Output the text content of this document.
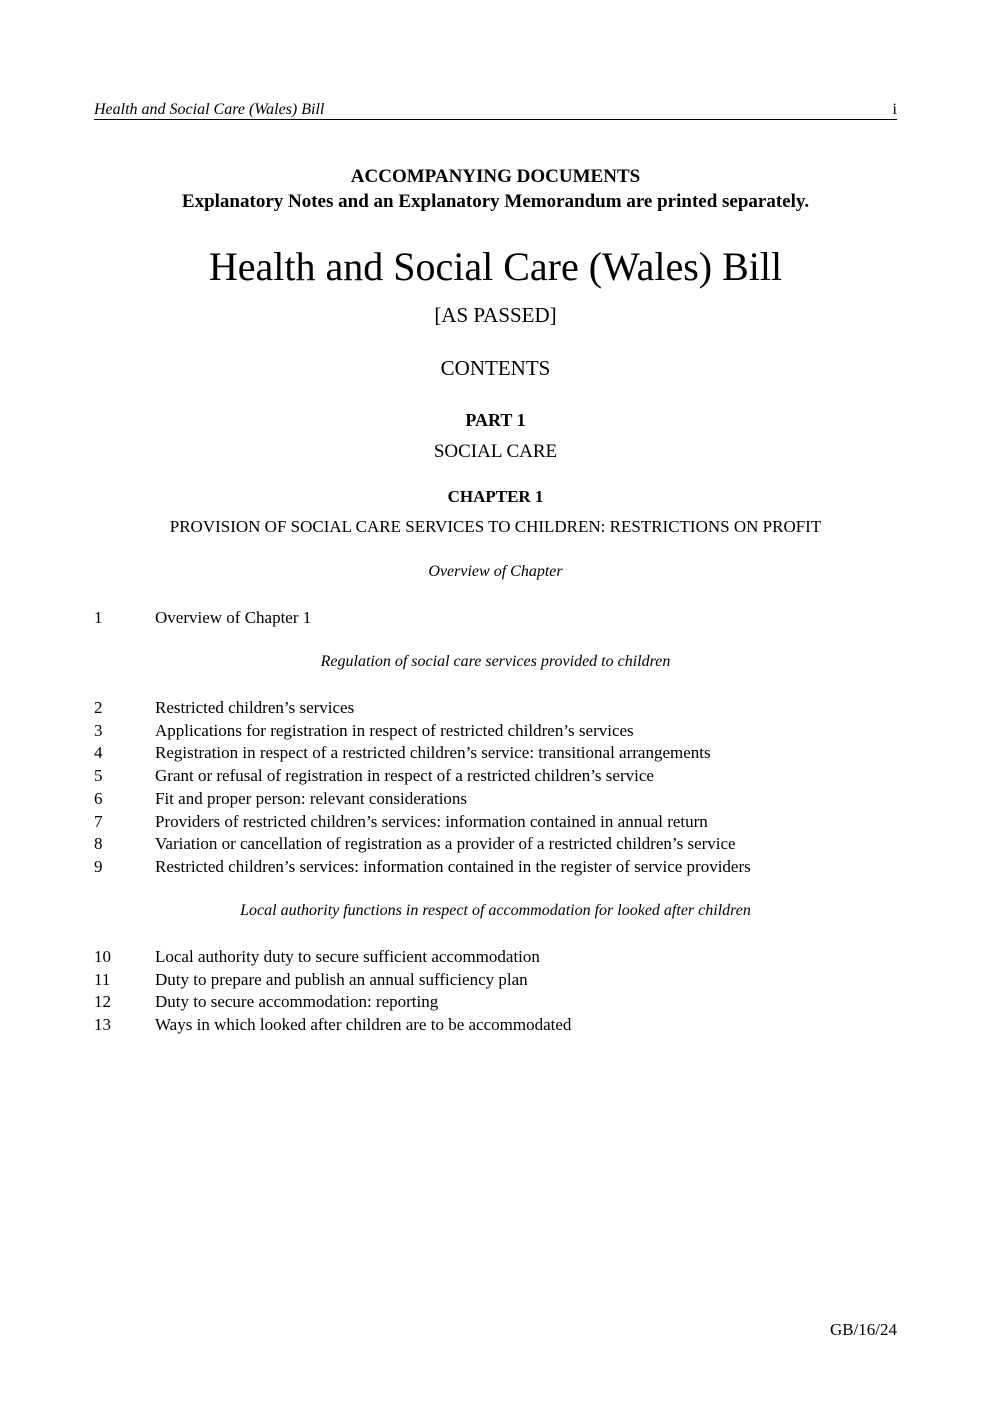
Health and Social Care (Wales) Bill	i
ACCOMPANYING DOCUMENTS
Explanatory Notes and an Explanatory Memorandum are printed separately.
Health and Social Care (Wales) Bill
[AS PASSED]
CONTENTS
PART 1
SOCIAL CARE
CHAPTER 1
PROVISION OF SOCIAL CARE SERVICES TO CHILDREN: RESTRICTIONS ON PROFIT
Overview of Chapter
1	Overview of Chapter 1
Regulation of social care services provided to children
2	Restricted children’s services
3	Applications for registration in respect of restricted children’s services
4	Registration in respect of a restricted children’s service: transitional arrangements
5	Grant or refusal of registration in respect of a restricted children’s service
6	Fit and proper person: relevant considerations
7	Providers of restricted children’s services: information contained in annual return
8	Variation or cancellation of registration as a provider of a restricted children’s service
9	Restricted children’s services: information contained in the register of service providers
Local authority functions in respect of accommodation for looked after children
10	Local authority duty to secure sufficient accommodation
11	Duty to prepare and publish an annual sufficiency plan
12	Duty to secure accommodation: reporting
13	Ways in which looked after children are to be accommodated
GB/16/24
